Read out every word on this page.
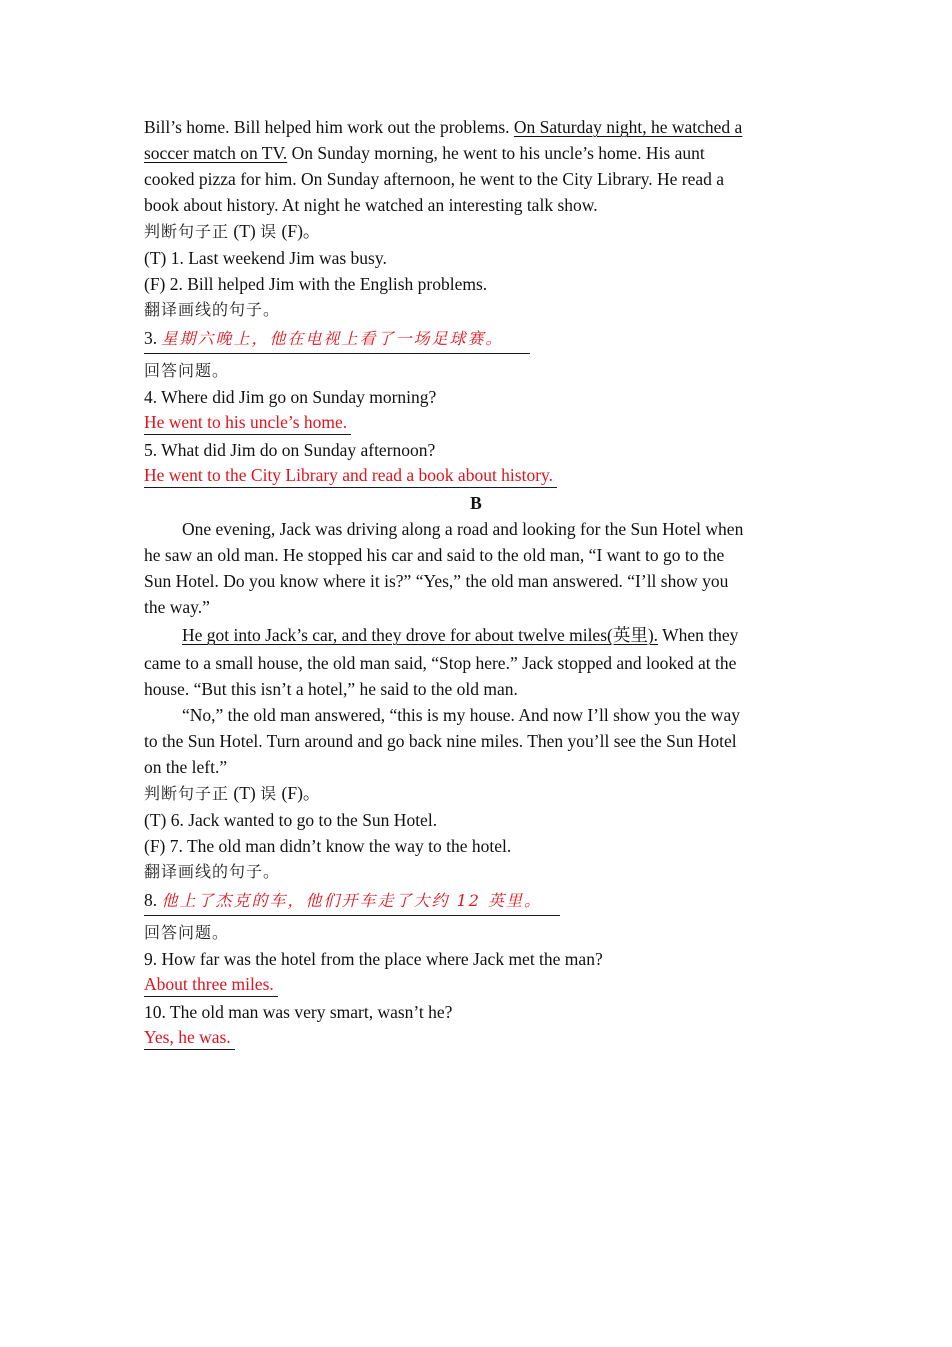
Bill’s home. Bill helped him work out the problems. On Saturday night, he watched a

soccer match on TV. On Sunday morning, he went to his uncle’s home. His aunt

cooked pizza for him. On Sunday afternoon, he went to the City Library. He read a

book about history. At night he watched an interesting talk show.

判断句子正 (T) 误 (F)。

(T) 1. Last weekend Jim was busy.

(F) 2. Bill helped Jim with the English problems.

翻译画线的句子。

3. 星期六晚上，他在电视上看了一场足球赛。

回答问题。

4. Where did Jim go on Sunday morning?

He went to his uncle’s home.

5. What did Jim do on Sunday afternoon?

He went to the City Library and read a book about history.

B

One evening, Jack was driving along a road and looking for the Sun Hotel when

he saw an old man. He stopped his car and said to the old man, “I want to go to the

Sun Hotel. Do you know where it is?” “Yes,” the old man answered. “I’ll show you

the way.”

He got into Jack’s car, and they drove for about twelve miles(英里). When they

came to a small house, the old man said, “Stop here.” Jack stopped and looked at the

house. “But this isn’t a hotel,” he said to the old man.

“No,” the old man answered, “this is my house. And now I’ll show you the way

to the Sun Hotel. Turn around and go back nine miles. Then you’ll see the Sun Hotel

on the left.”

判断句子正 (T) 误 (F)。

(T) 6. Jack wanted to go to the Sun Hotel.

(F) 7. The old man didn’t know the way to the hotel.

翻译画线的句子。

8. 他上了杰克的车，他们开车走了大约 12 英里。

回答问题。

9. How far was the hotel from the place where Jack met the man?

About three miles.

10. The old man was very smart, wasn’t he?

Yes, he was.
